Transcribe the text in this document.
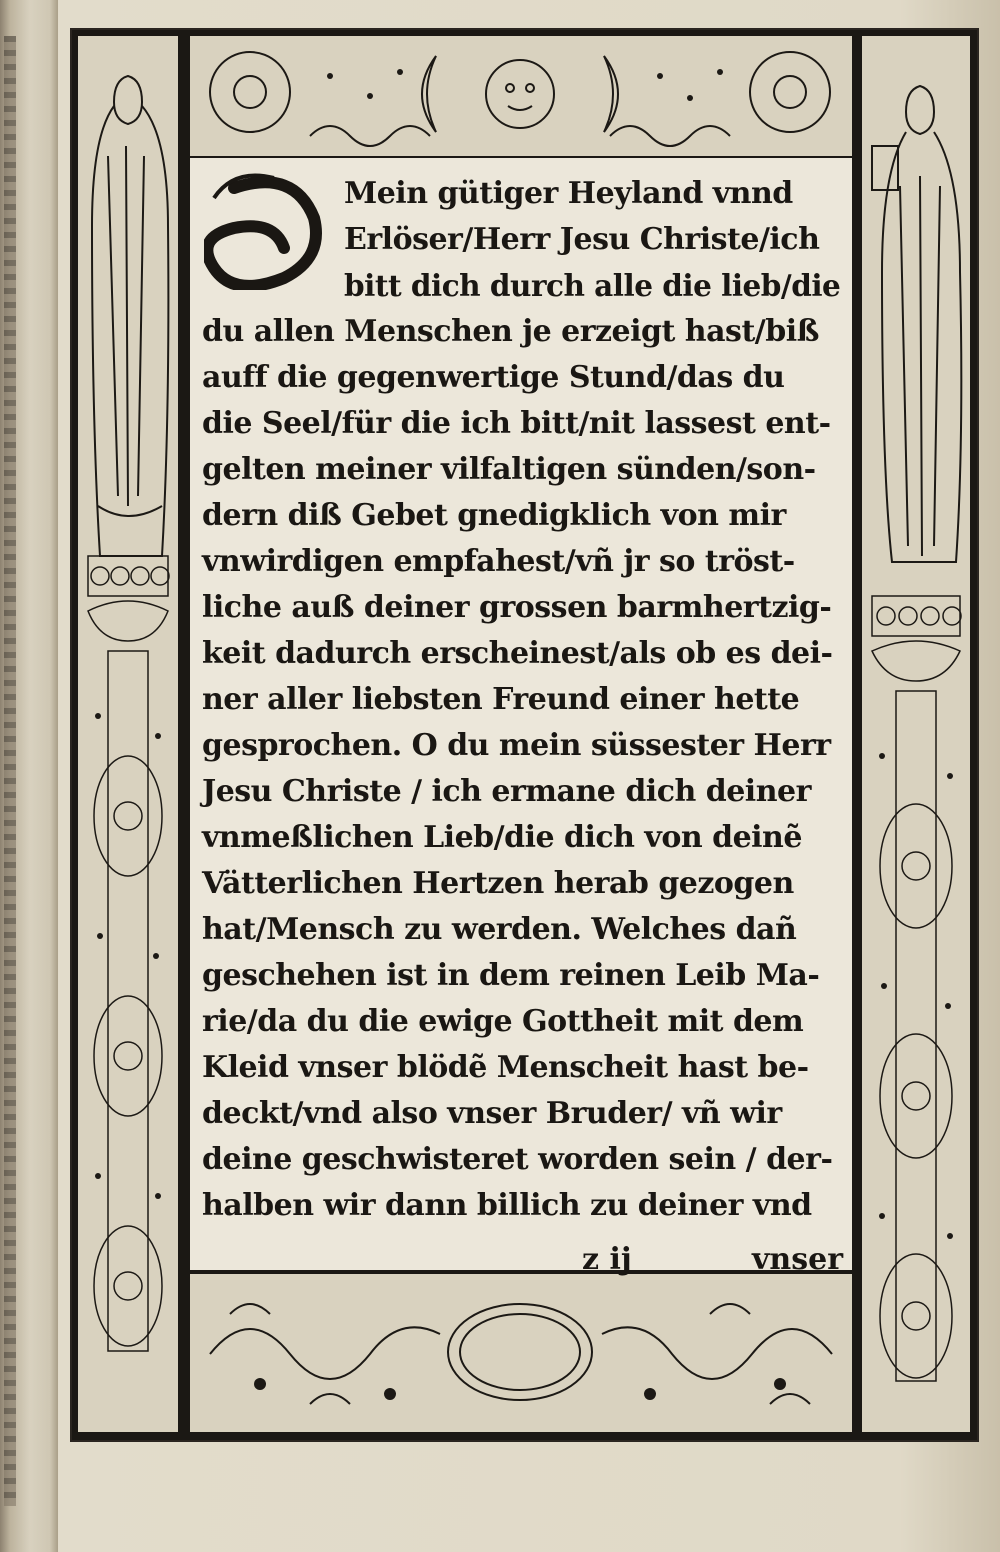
Mein gütiger Heyland vnnd
Erlöser/Herr Jesu Christe/ich
bitt dich durch alle die lieb/die
du allen Menschen je erzeigt hast/biß
auff die gegenwertige Stund/das du
die Seel/für die ich bitt/nit lassest ent-
gelten meiner vilfaltigen sünden/son-
dern diß Gebet gnedigklich von mir
vnwirdigen empfahest/vñ jr so tröst-
liche auß deiner grossen barmhertzig-
keit dadurch erscheinest/als ob es dei-
ner aller liebsten Freund einer hette
gesprochen. O du mein süssester Herr
Jesu Christe / ich ermane dich deiner
vnmeßlichen Lieb/die dich von deinẽ
Vätterlichen Hertzen herab gezogen
hat/Mensch zu werden. Welches dañ
geschehen ist in dem reinen Leib Ma-
rie/da du die ewige Gottheit mit dem
Kleid vnser blödẽ Menscheit hast be-
deckt/vnd also vnser Bruder/ vñ wir
deine geschwisteret worden sein / der-
halben wir dann billich zu deiner vnd
z ij	vnser
